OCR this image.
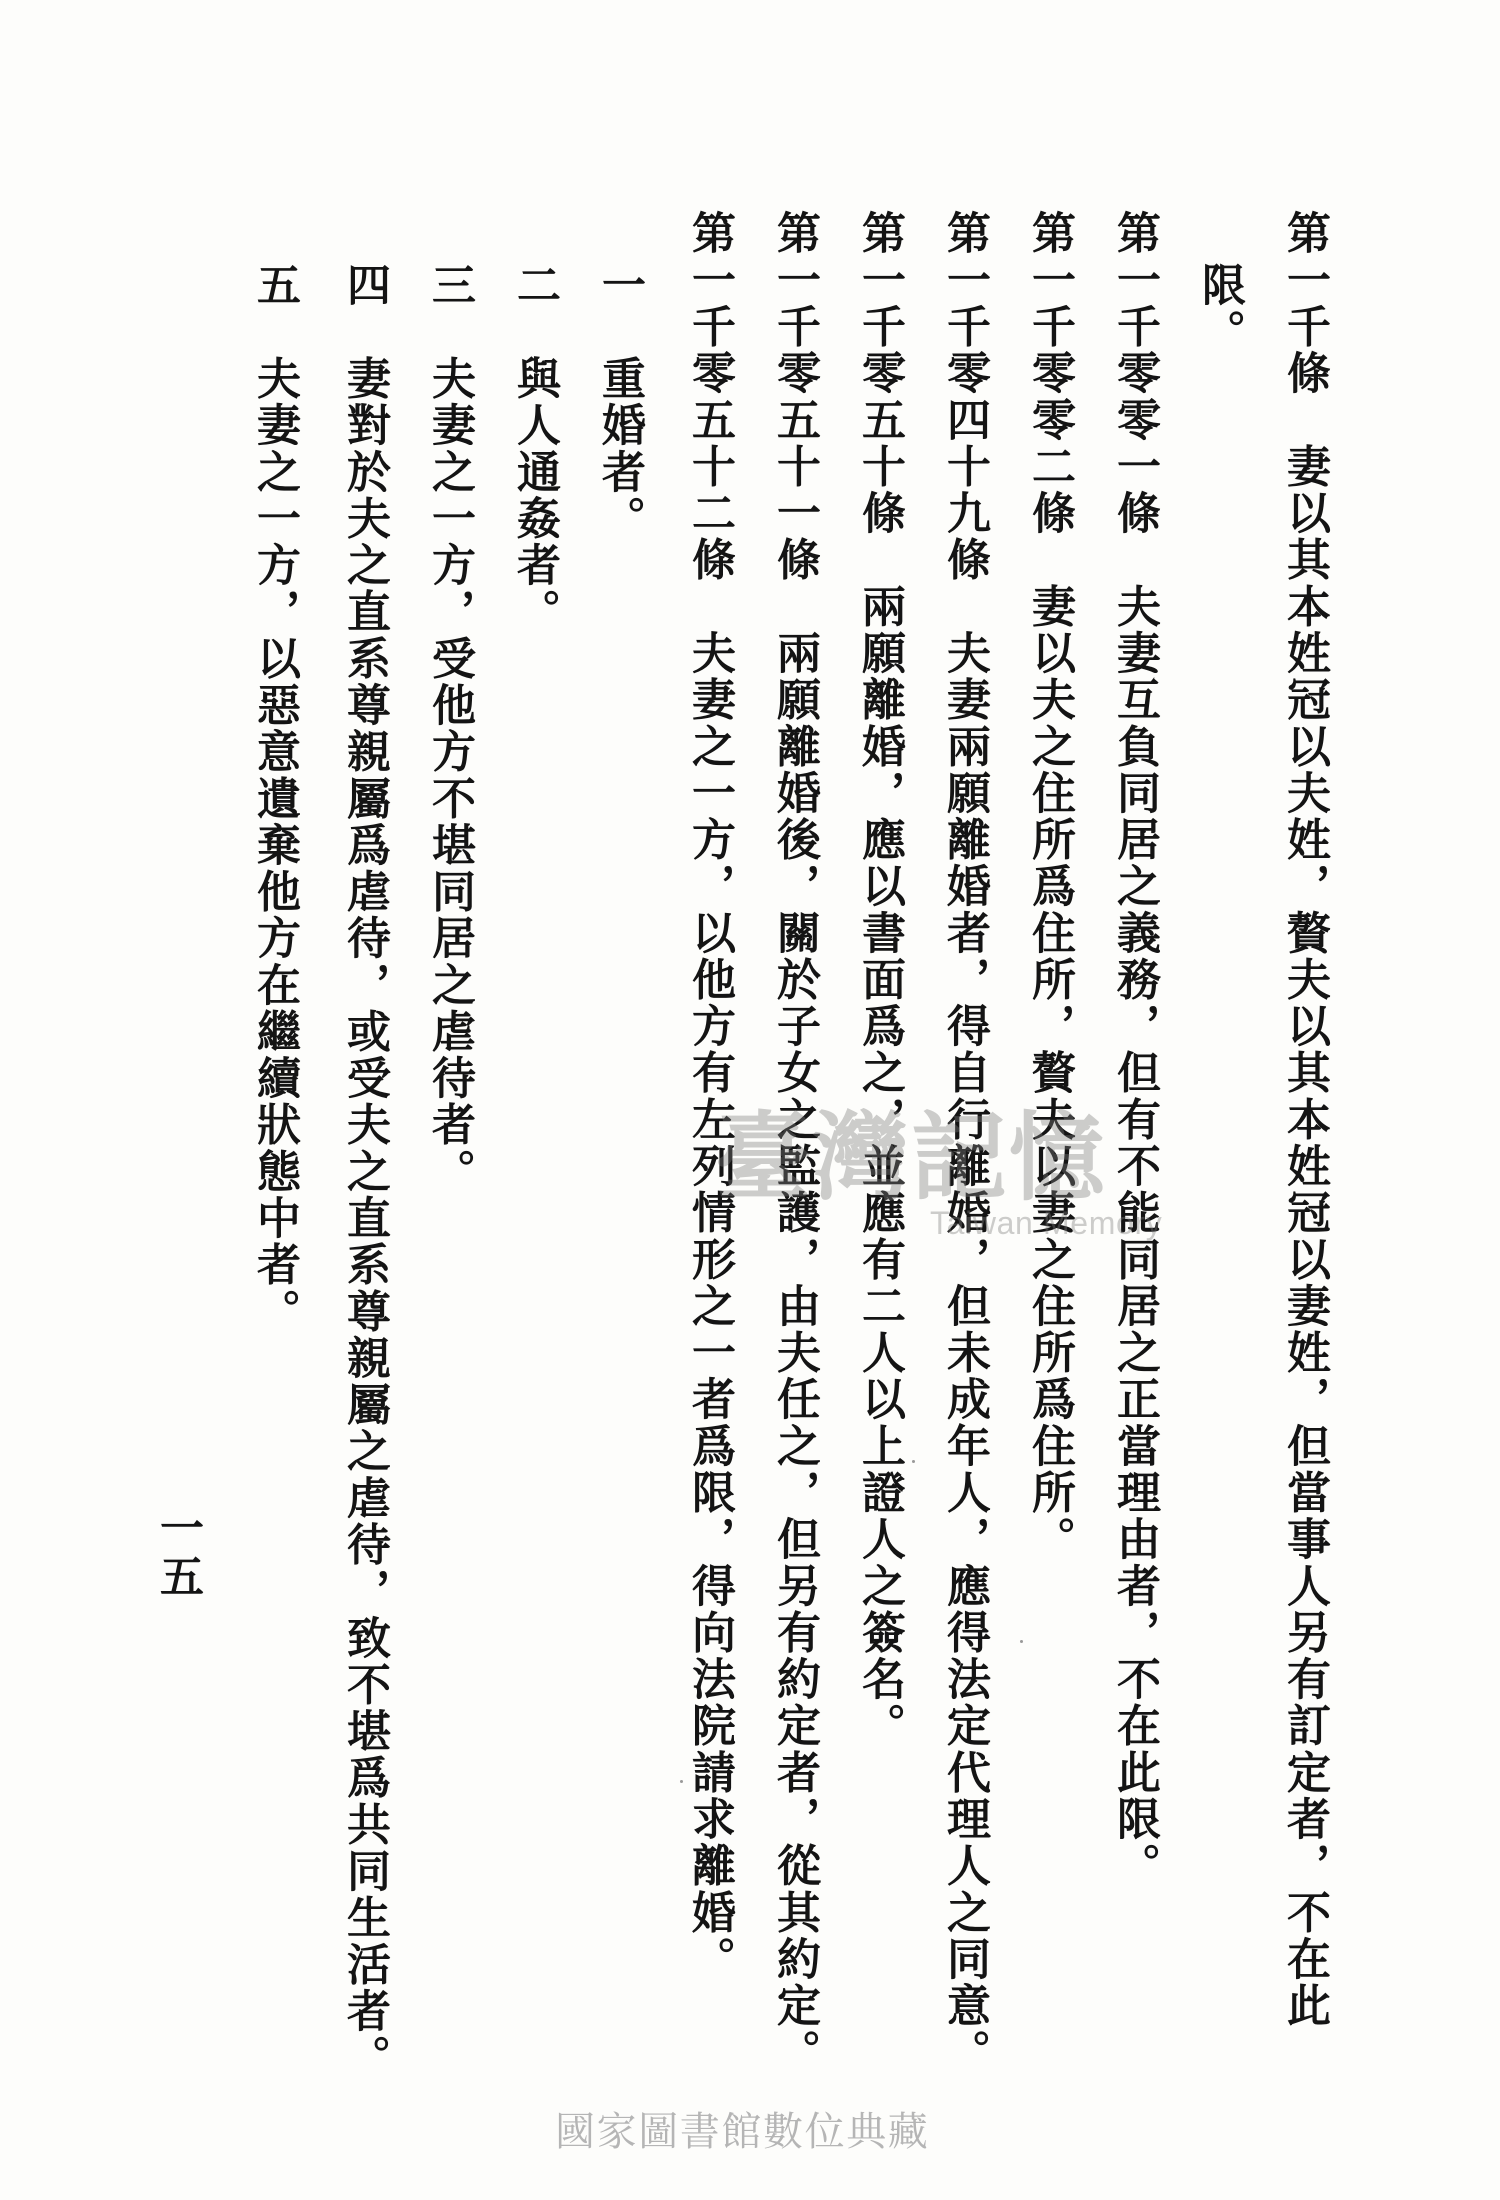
第一千條　妻以其本姓冠以夫姓，贅夫以其本姓冠以妻姓，但當事人另有訂定者，不在此
限。
第一千零零一條　夫妻互負同居之義務，但有不能同居之正當理由者，不在此限。
第一千零零二條　妻以夫之住所爲住所，贅夫以妻之住所爲住所。
第一千零四十九條　夫妻兩願離婚者，得自行離婚，但未成年人，應得法定代理人之同意。
第一千零五十條　兩願離婚，應以書面爲之，並應有二人以上證人之簽名。
第一千零五十一條　兩願離婚後，關於子女之監護，由夫任之，但另有約定者，從其約定。
第一千零五十二條　夫妻之一方，以他方有左列情形之一者爲限，得向法院請求離婚。
一　重婚者。
二　與人通姦者。
三　夫妻之一方，受他方不堪同居之虐待者。
四　妻對於夫之直系尊親屬爲虐待，或受夫之直系尊親屬之虐待，致不堪爲共同生活者。
五　夫妻之一方，以惡意遺棄他方在繼續狀態中者。
一五
臺灣記憶
Taiwan Memory
國家圖書館數位典藏
